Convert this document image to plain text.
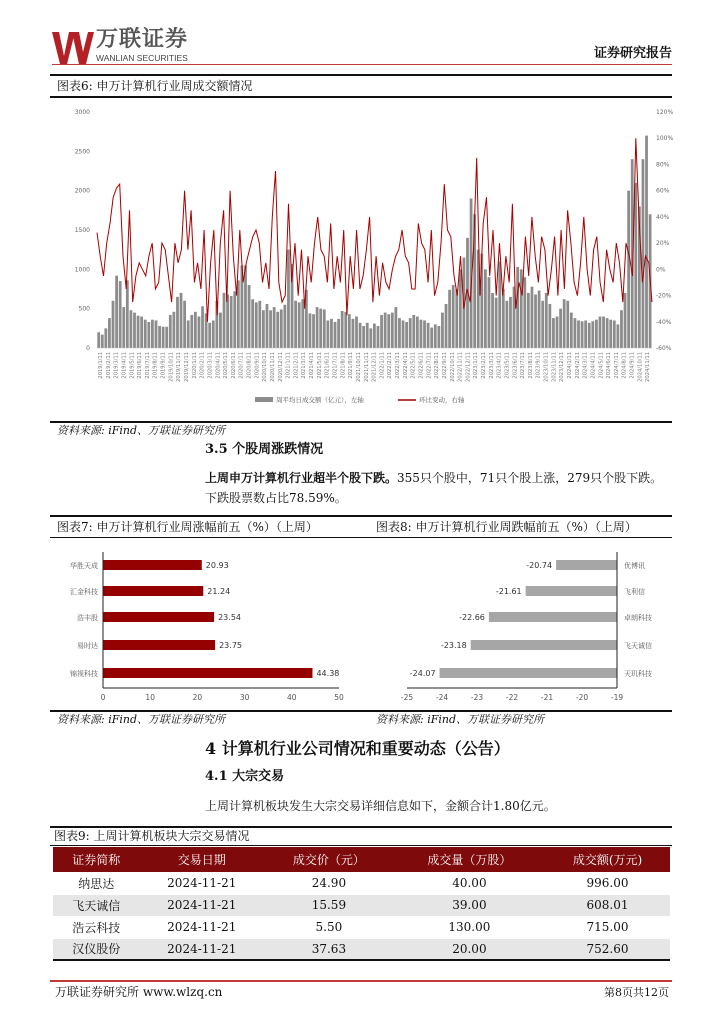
万联证券
WANLIAN SECURITIES	证券研究报告
图表6: 申万计算机行业周成交额情况
0
500
1000
1500
2000
2500
3000
-60%
-40%
-20%
0%
20%
40%
60%
80%
100%
120%
2019/1/11 2019/2/11 2019/3/11 2019/4/11 2019/5/11 2019/6/11 2019/7/11 2019/8/11 2019/9/11 2019/10/11 2019/11/11 2019/12/11 2020/1/11 2020/2/11 2020/3/11 2020/4/11 2020/5/11 2020/6/11 2020/7/11 2020/8/11 2020/9/11 2020/10/11 2020/11/11 2020/12/11 2021/1/11 2021/2/11 2021/3/11 2021/4/11 2021/5/11 2021/6/11 2021/7/11 2021/8/11 2021/9/11 2021/10/11 2021/11/11 2021/12/11 2022/1/11 2022/2/11 2022/3/11 2022/4/11 2022/5/11 2022/6/11 2022/7/11 2022/8/11 2022/9/11 2022/10/11 2022/11/11 2022/12/11 2023/1/11 2023/2/11 2023/3/11 2023/4/11 2023/5/11 2023/6/11 2023/7/11 2023/8/11 2023/9/11 2023/10/11 2023/11/11 2023/12/11 2024/1/11 2024/2/11 2024/3/11 2024/4/11 2024/5/11 2024/6/11 2024/7/11 2024/8/11 2024/9/11 2024/10/11 2024/11/11
周平均日成交额（亿元），左轴	环比变动，右轴
资料来源: iFind、万联证券研究所
3.5 个股周涨跌情况
上周申万计算机行业超半个股下跌。355只个股中，71只个股上涨，279只个股下跌。
下跌股票数占比78.59%。
图表7: 申万计算机行业周涨幅前五（%）（上周）	图表8: 申万计算机行业周跌幅前五（%）（上周）
华胜天成	20.93
汇金科技	21.24
浩丰股	23.54
易时达	23.75
锦视科技	44.38
0	10	20	30	40	50
优博讯
-20.74
飞利信
-21.61
卓朗科技
-22.66
飞天诚信
-23.18
天玑科技
-24.07
-25	-24	-23	-22	-21	-20	-19
资料来源: iFind、万联证券研究所	资料来源: iFind、万联证券研究所
4 计算机行业公司情况和重要动态（公告）
4.1 大宗交易
上周计算机板块发生大宗交易详细信息如下，金额合计1.80亿元。
图表9: 上周计算机板块大宗交易情况
证券简称	交易日期	成交价（元）	成交量（万股）	成交额(万元)
纳思达	2024-11-21	24.90	40.00	996.00
飞天诚信	2024-11-21	15.59	39.00	608.01
浩云科技	2024-11-21	5.50	130.00	715.00
汉仪股份	2024-11-21	37.63	20.00	752.60
万联证券研究所 www.wlzq.cn	第8页共12页
